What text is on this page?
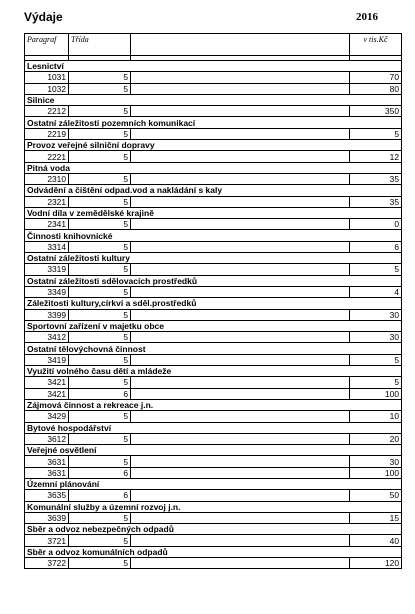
Výdaje	2016
Paragraf	Třída		v tis.Kč

Lesnictví			
1031	5		70
1032	5		80
Silnice			
2212	5		350
Ostatní záležitosti pozemních komunikací			
2219	5		5
Provoz veřejné silniční dopravy			
2221	5		12
Pitná voda			
2310	5		35
Odvádění a čištění odpad.vod a nakládání s kaly			
2321	5		35
Vodní díla v zemědělské krajině			
2341	5		0
Činnosti knihovnické			
3314	5		6
Ostatní záležitosti kultury			
3319	5		5
Ostatní záležitosti sdělovacích prostředků			
3349	5		4
Záležitosti kultury,církví a sděl.prostředků			
3399	5		30
Sportovní zařízení v majetku obce			
3412	5		30
Ostatní tělovýchovná činnost			
3419	5		5
Využití volného času dětí a mládeže			
3421	5		5
3421	6		100
Zájmová činnost a rekreace j.n.			
3429	5		10
Bytové hospodářství			
3612	5		20
Veřejné osvětlení			
3631	5		30
3631	6		100
Územní plánování			
3635	6		50
Komunální služby a územní rozvoj j.n.			
3639	5		15
Sběr a odvoz nebezpečných odpadů			
3721	5		40
Sběr a odvoz komunálních odpadů			
3722	5		120
